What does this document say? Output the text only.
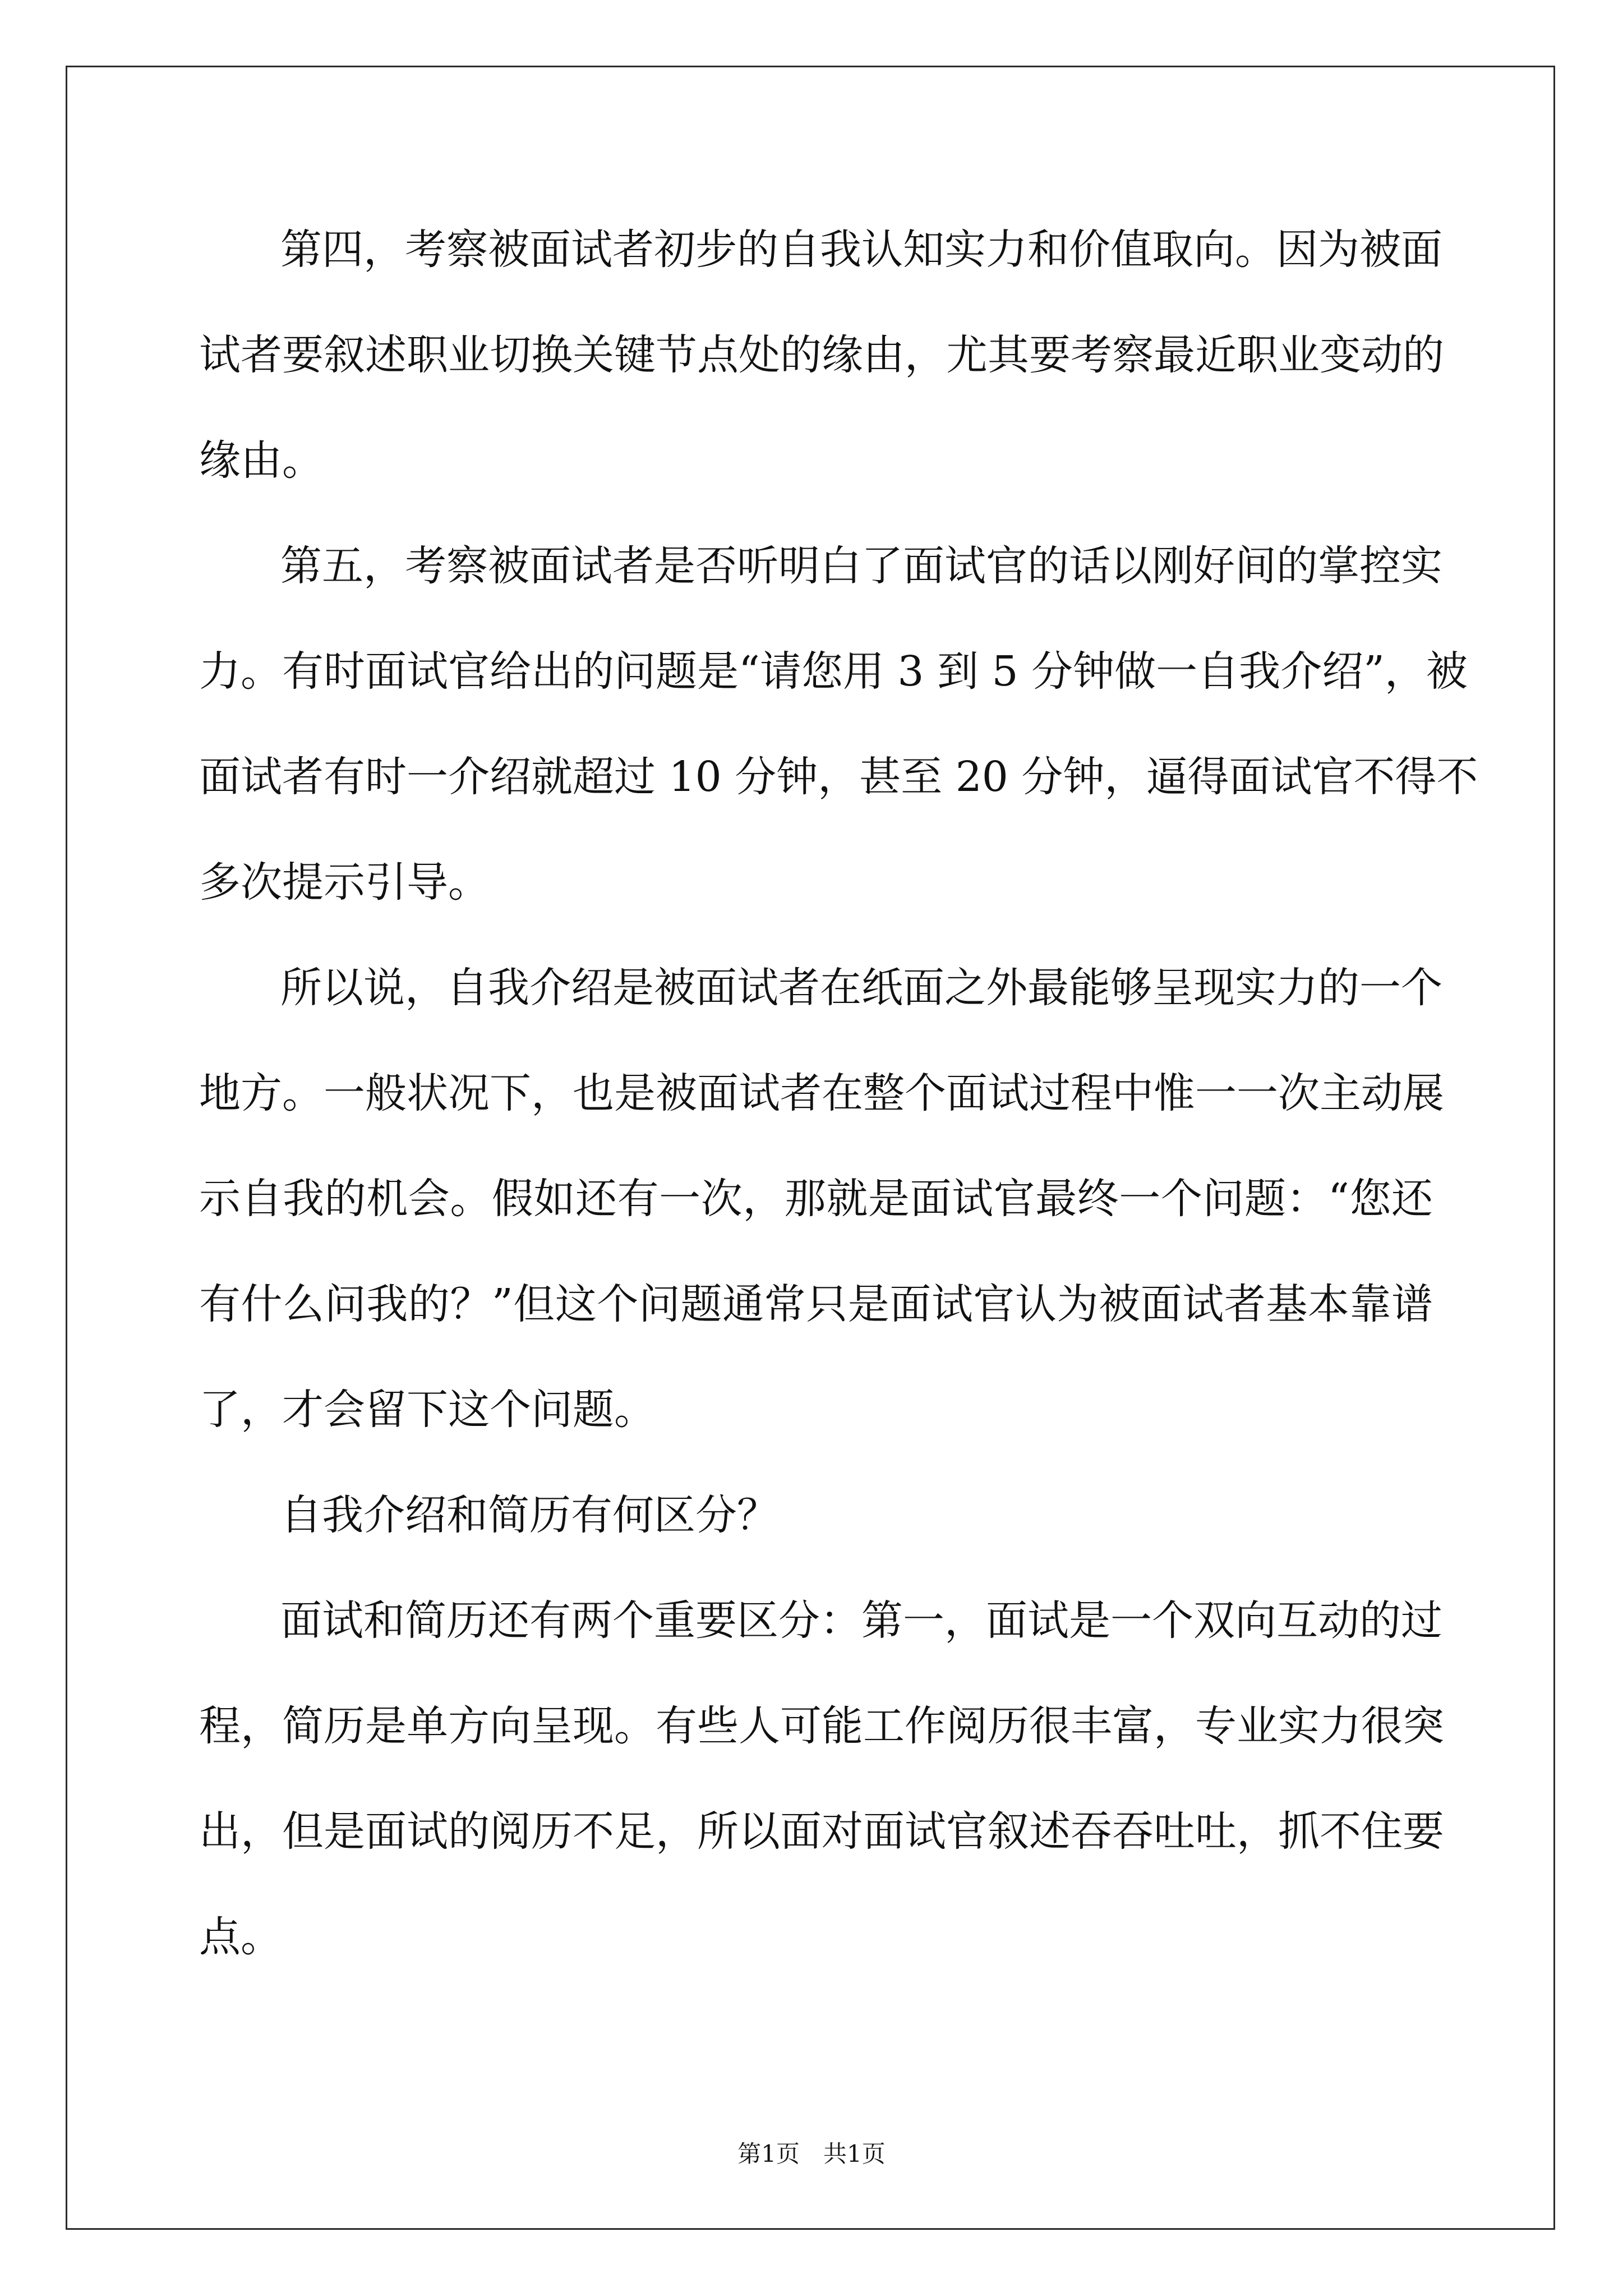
第四，考察被面试者初步的自我认知实力和价值取向。因为被面

试者要叙述职业切换关键节点处的缘由，尤其要考察最近职业变动的

缘由。

第五，考察被面试者是否听明白了面试官的话以刚好间的掌控实

力。有时面试官给出的问题是“请您用 3 到 5 分钟做一自我介绍”，被

面试者有时一介绍就超过 10 分钟，甚至 20 分钟，逼得面试官不得不

多次提示引导。

所以说，自我介绍是被面试者在纸面之外最能够呈现实力的一个

地方。一般状况下，也是被面试者在整个面试过程中惟一一次主动展

示自我的机会。假如还有一次，那就是面试官最终一个问题：“您还

有什么问我的？”但这个问题通常只是面试官认为被面试者基本靠谱

了，才会留下这个问题。

自我介绍和简历有何区分？

面试和简历还有两个重要区分：第一，面试是一个双向互动的过

程，简历是单方向呈现。有些人可能工作阅历很丰富，专业实力很突

出，但是面试的阅历不足，所以面对面试官叙述吞吞吐吐，抓不住要

点。

第1页　共1页
